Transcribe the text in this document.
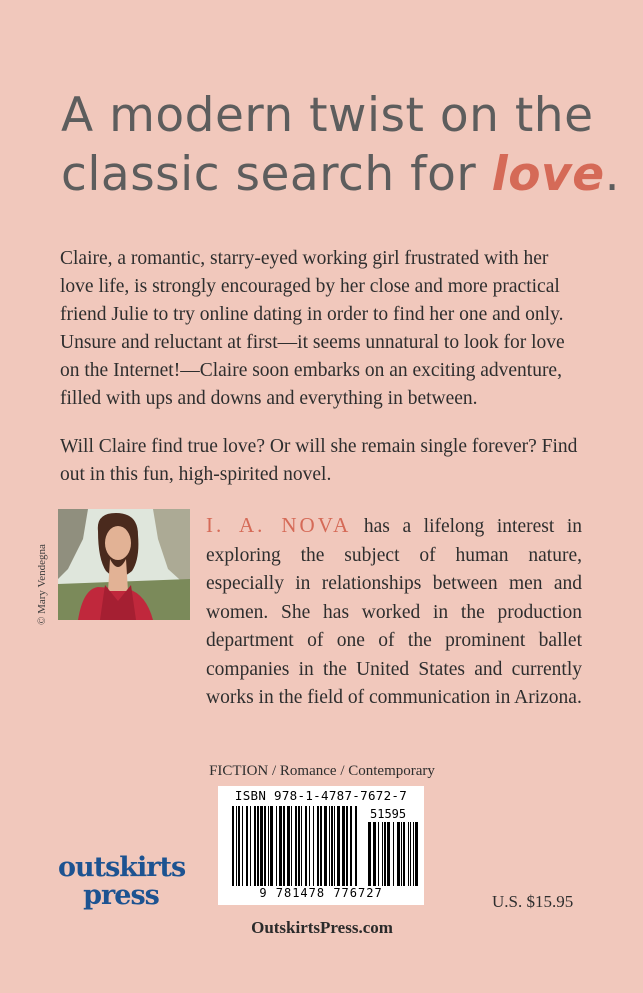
A modern twist on the
classic search for love.

Claire, a romantic, starry-eyed working girl frustrated with her love life, is strongly encouraged by her close and more practical friend Julie to try online dating in order to find her one and only. Unsure and reluctant at first—it seems unnatural to look for love on the Internet!—Claire soon embarks on an exciting adventure, filled with ups and downs and everything in between.

Will Claire find true love? Or will she remain single forever? Find out in this fun, high-spirited novel.

© Mary Vendegna
I. A. NOVA has a lifelong interest in exploring the subject of human nature, especially in relationships between men and women. She has worked in the production department of one of the prominent ballet companies in the United States and currently works in the field of communication in Arizona.
FICTION / Romance / Contemporary
ISBN 978-1-4787-7672-7
51595
9 781478 776727
outskirts
press	U.S. $15.95
OutskirtsPress.com
